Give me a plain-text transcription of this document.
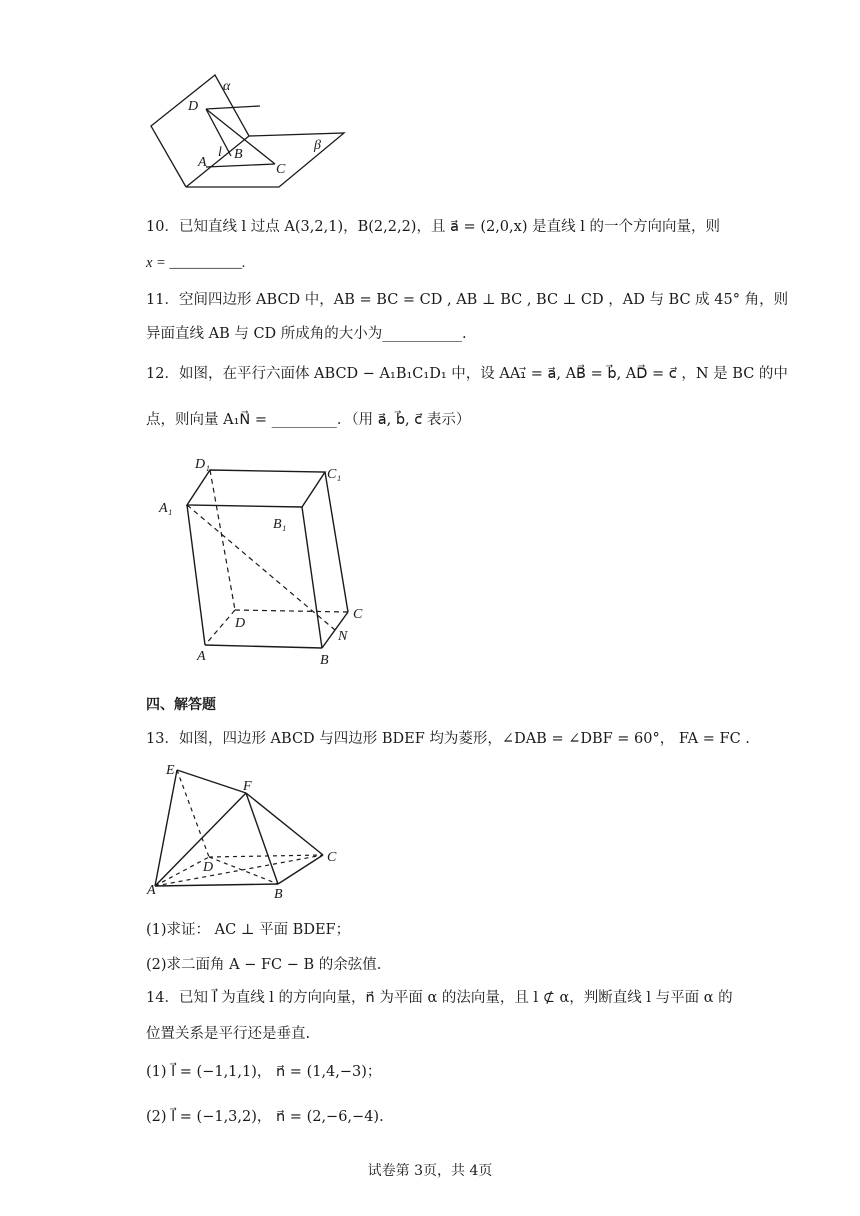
α
β
D
l
A
B
C
10．已知直线 l 过点 A(3,2,1)，B(2,2,2)，且 a⃗ = (2,0,x) 是直线 l 的一个方向向量，则
x = __________.
11．空间四边形 ABCD 中，AB = BC = CD , AB ⊥ BC , BC ⊥ CD ，AD 与 BC 成 45° 角，则
异面直线 AB 与 CD 所成角的大小为___________.
12．如图，在平行六面体 ABCD − A₁B₁C₁D₁ 中，设 AA₁⃗ = a⃗, AB⃗ = b⃗, AD⃗ = c⃗ ，N 是 BC 的中
点，则向量 A₁N⃗ = _________．（用 a⃗, b⃗, c⃗ 表示）
D₁
C₁
A₁
B₁
D
C
N
A	B
四、解答题
13．如图，四边形 ABCD 与四边形 BDEF 均为菱形，∠DAB = ∠DBF = 60°， FA = FC .
E
F
C
D
A	B
(1)求证： AC ⊥ 平面 BDEF；
(2)求二面角 A − FC − B 的余弦值.
14．已知 l⃗ 为直线 l 的方向向量，n⃗ 为平面 α 的法向量，且 l ⊄ α，判断直线 l 与平面 α 的
位置关系是平行还是垂直.
(1) l⃗ = (−1,1,1)， n⃗ = (1,4,−3)；
(2) l⃗ = (−1,3,2)， n⃗ = (2,−6,−4).
试卷第 3页，共 4页
